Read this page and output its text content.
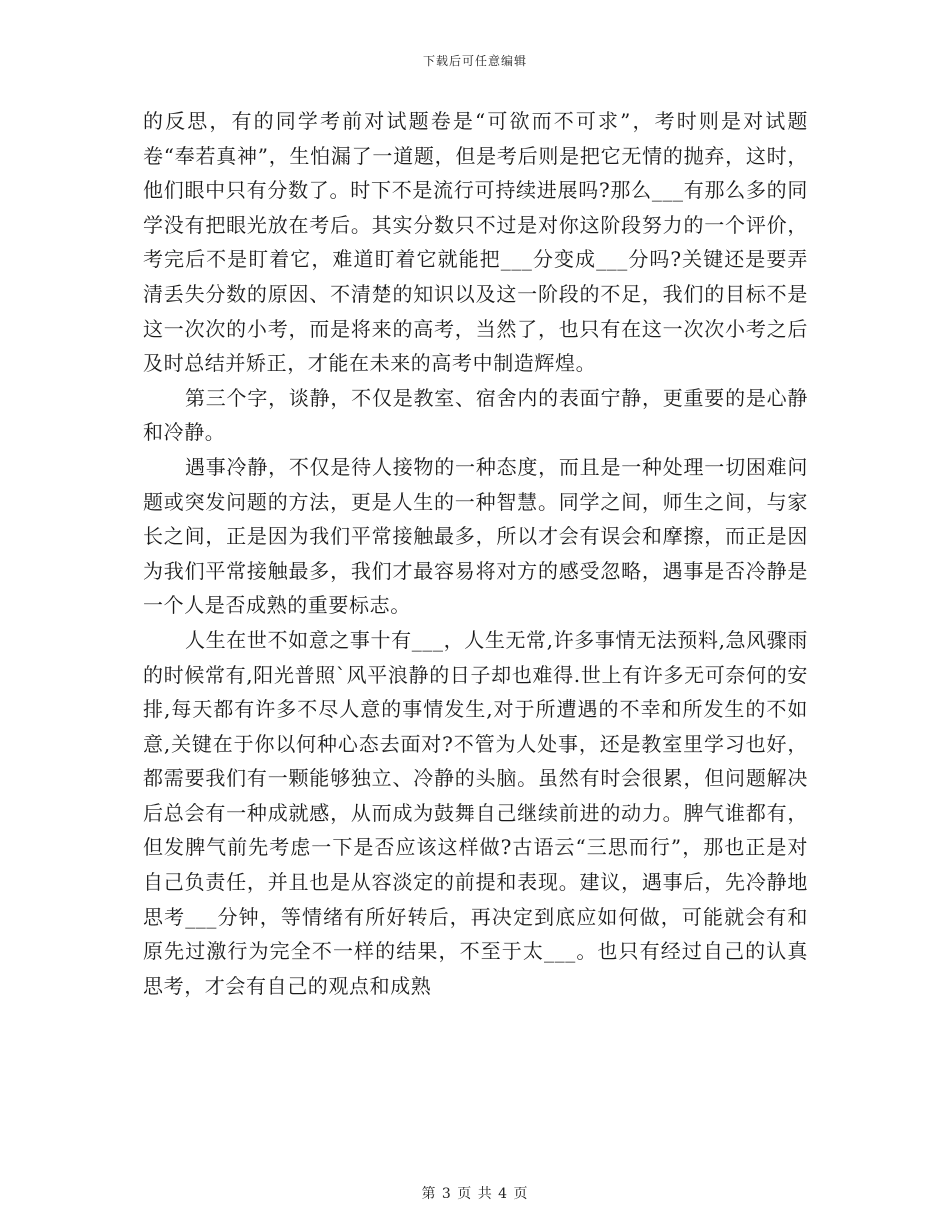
下载后可任意编辑

的反思，有的同学考前对试题卷是“可欲而不可求”，考时则是对试题卷“奉若真神”，生怕漏了一道题，但是考后则是把它无情的抛弃，这时，他们眼中只有分数了。时下不是流行可持续进展吗?那么___有那么多的同学没有把眼光放在考后。其实分数只不过是对你这阶段努力的一个评价，考完后不是盯着它，难道盯着它就能把___分变成___分吗?关键还是要弄清丢失分数的原因、不清楚的知识以及这一阶段的不足，我们的目标不是这一次次的小考，而是将来的高考，当然了，也只有在这一次次小考之后及时总结并矫正，才能在未来的高考中制造辉煌。

第三个字，谈静，不仅是教室、宿舍内的表面宁静，更重要的是心静和冷静。

遇事冷静，不仅是待人接物的一种态度，而且是一种处理一切困难问题或突发问题的方法，更是人生的一种智慧。同学之间，师生之间，与家长之间，正是因为我们平常接触最多，所以才会有误会和摩擦，而正是因为我们平常接触最多，我们才最容易将对方的感受忽略，遇事是否冷静是一个人是否成熟的重要标志。

人生在世不如意之事十有___，人生无常,许多事情无法预料,急风骤雨的时候常有,阳光普照`风平浪静的日子却也难得.世上有许多无可奈何的安排,每天都有许多不尽人意的事情发生,对于所遭遇的不幸和所发生的不如意,关键在于你以何种心态去面对?不管为人处事，还是教室里学习也好，都需要我们有一颗能够独立、冷静的头脑。虽然有时会很累，但问题解决后总会有一种成就感，从而成为鼓舞自己继续前进的动力。脾气谁都有，但发脾气前先考虑一下是否应该这样做?古语云“三思而行”，那也正是对自己负责任，并且也是从容淡定的前提和表现。建议，遇事后，先冷静地思考___分钟，等情绪有所好转后，再决定到底应如何做，可能就会有和原先过激行为完全不一样的结果，不至于太___。也只有经过自己的认真思考，才会有自己的观点和成熟

第 3 页 共 4 页
